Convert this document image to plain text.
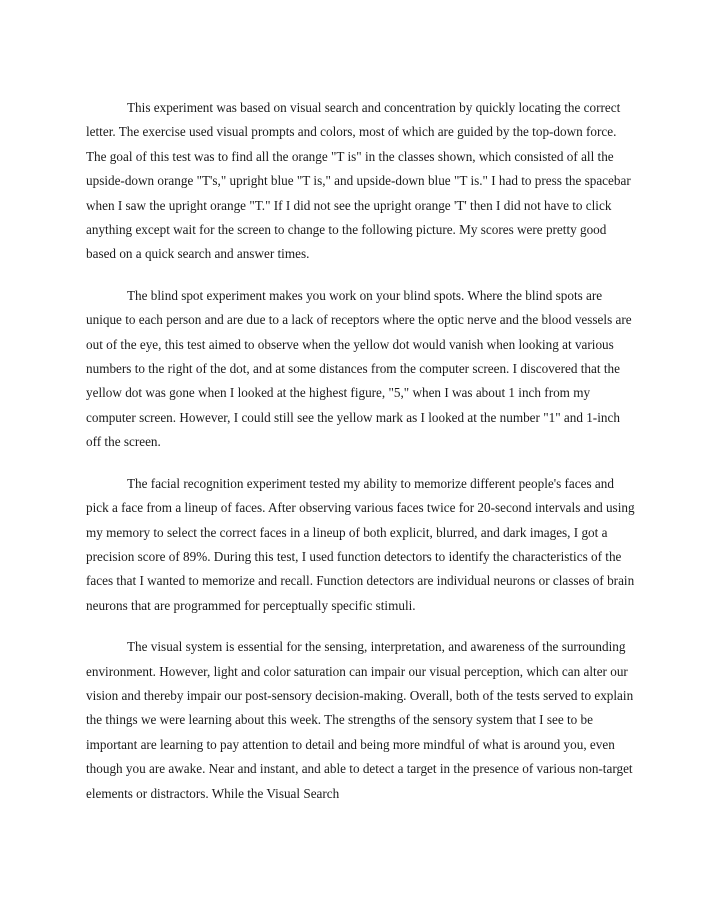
This experiment was based on visual search and concentration by quickly locating the correct letter. The exercise used visual prompts and colors, most of which are guided by the top-down force. The goal of this test was to find all the orange "T is" in the classes shown, which consisted of all the upside-down orange "T's," upright blue "T is," and upside-down blue "T is." I had to press the spacebar when I saw the upright orange "T." If I did not see the upright orange 'T' then I did not have to click anything except wait for the screen to change to the following picture. My scores were pretty good based on a quick search and answer times.

The blind spot experiment makes you work on your blind spots. Where the blind spots are unique to each person and are due to a lack of receptors where the optic nerve and the blood vessels are out of the eye, this test aimed to observe when the yellow dot would vanish when looking at various numbers to the right of the dot, and at some distances from the computer screen. I discovered that the yellow dot was gone when I looked at the highest figure, "5," when I was about 1 inch from my computer screen. However, I could still see the yellow mark as I looked at the number "1" and 1-inch off the screen.

The facial recognition experiment tested my ability to memorize different people's faces and pick a face from a lineup of faces. After observing various faces twice for 20-second intervals and using my memory to select the correct faces in a lineup of both explicit, blurred, and dark images, I got a precision score of 89%. During this test, I used function detectors to identify the characteristics of the faces that I wanted to memorize and recall. Function detectors are individual neurons or classes of brain neurons that are programmed for perceptually specific stimuli.

The visual system is essential for the sensing, interpretation, and awareness of the surrounding environment. However, light and color saturation can impair our visual perception, which can alter our vision and thereby impair our post-sensory decision-making. Overall, both of the tests served to explain the things we were learning about this week. The strengths of the sensory system that I see to be important are learning to pay attention to detail and being more mindful of what is around you, even though you are awake. Near and instant, and able to detect a target in the presence of various non-target elements or distractors. While the Visual Search
